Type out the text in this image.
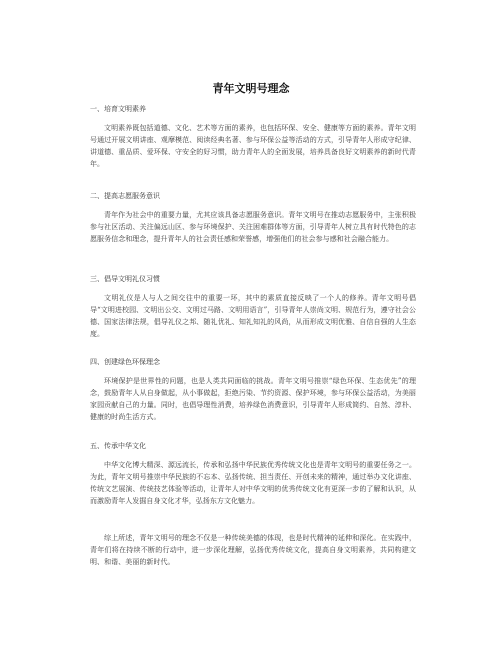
青年文明号理念
一、培育文明素养

文明素养既包括道德、文化、艺术等方面的素养，也包括环保、安全、健康等方面的素养。青年文明号通过开展文明讲座、观摩模范、阅读经典名著、参与环保公益等活动的方式，引导青年人形成守纪律、讲道德、重品质、爱环保、守安全的好习惯，助力青年人的全面发展，培养具备良好文明素养的新时代青年。

二、提高志愿服务意识

青年作为社会中的重要力量，尤其应该具备志愿服务意识。青年文明号在推动志愿服务中，主张积极参与社区活动、关注偏远山区、参与环境保护、关注困难群体等方面，引导青年人树立具有时代特色的志愿服务信念和理念，提升青年人的社会责任感和荣誉感，增强他们的社会参与感和社会融合能力。

三、倡导文明礼仪习惯

文明礼仪是人与人之间交往中的重要一环，其中的素质直接反映了一个人的修养。青年文明号倡导“文明进校园、文明出公交、文明过马路、文明用语言”，引导青年人崇尚文明、规范行为，遵守社会公德、国家法律法规，倡导礼仪之邦、随礼优礼、知礼知礼的风尚，从而形成文明优雅、自信自强的人生态度。

四、创建绿色环保理念

环境保护是世界性的问题，也是人类共同面临的挑战。青年文明号推崇“绿色环保、生态优先”的理念，鼓励青年人从自身做起，从小事做起，拒绝污染、节约资源、保护环境，参与环保公益活动，为美丽家园贡献自己的力量。同时，也倡导理性消费，培养绿色消费意识，引导青年人形成简约、自然、淳朴、健康的时尚生活方式。

五、传承中华文化

中华文化博大精深、源远流长，传承和弘扬中华民族优秀传统文化也是青年文明号的重要任务之一。为此，青年文明号推崇中华民族的不忘本、弘扬传统、担当责任、开创未来的精神，通过举办文化讲座、传统文艺展演、传统技艺体验等活动，让青年人对中华文明的优秀传统文化有更深一步的了解和认识，从而激励青年人发掘自身文化才华，弘扬东方文化魅力。

综上所述，青年文明号的理念不仅是一种传统美德的体现，也是时代精神的延伸和深化。在实践中，青年们将在持续不断的行动中，进一步深化理解，弘扬优秀传统文化，提高自身文明素养，共同构建文明、和谐、美丽的新时代。
